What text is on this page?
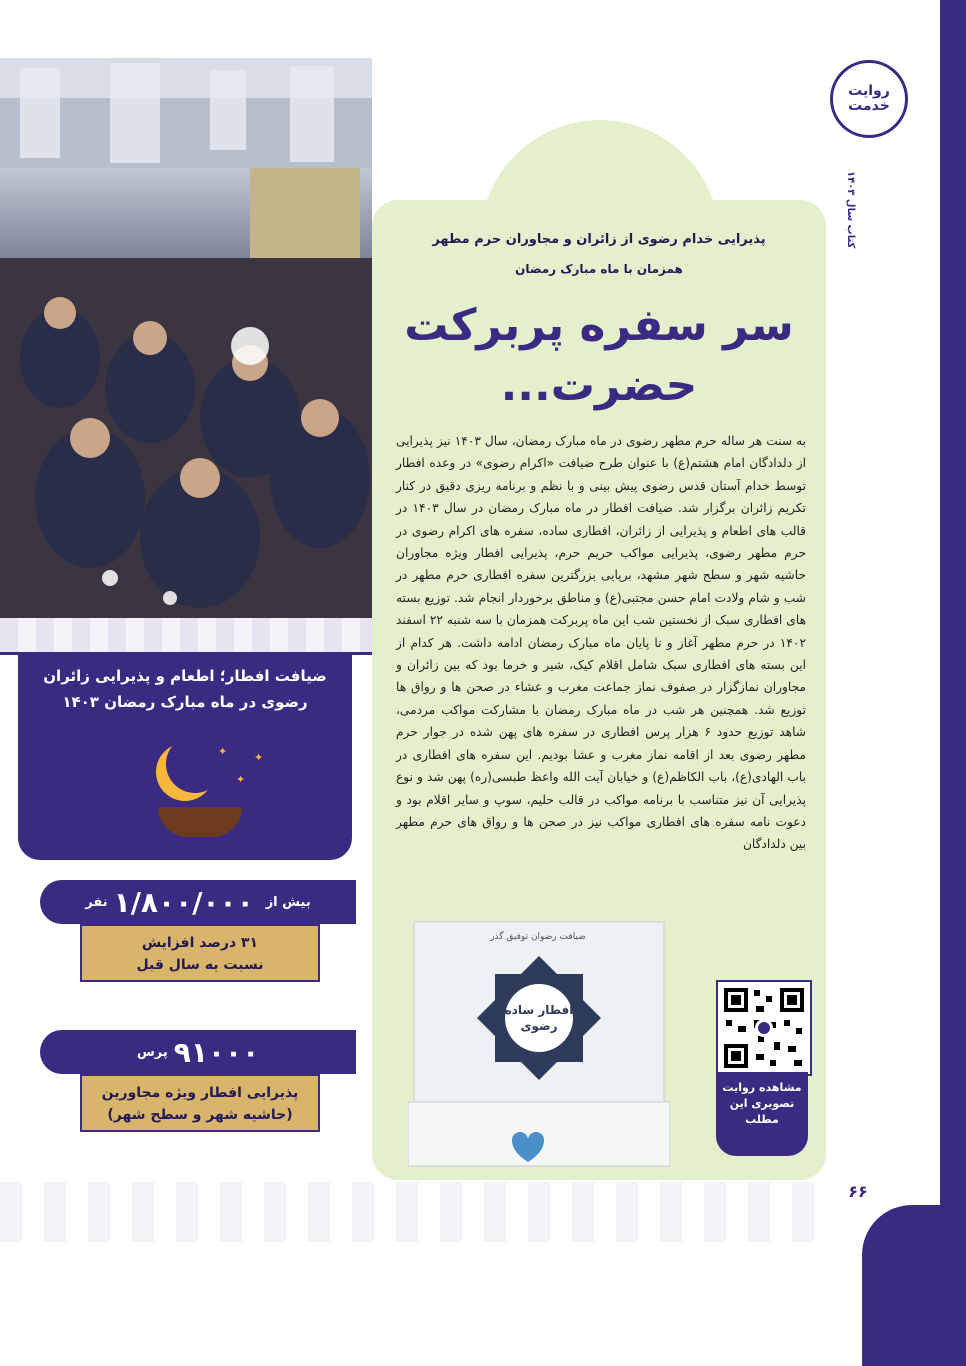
روایت خدمت
کتاب سال ۱۴۰۳
ضیافت افطار؛ اطعام و پذیرایی زائران رضوی در ماه مبارک رمضان ۱۴۰۳
✦
✦
✦
بیش از
۱/۸۰۰/۰۰۰
نفر
۳۱ درصد افزایش
نسبت به سال قبل
۹۱۰۰۰
پرس
پذیرایی افطار ویژه مجاورین
(حاشیه شهر و سطح شهر)
پذیرایی خدام رضوی از زائران و مجاوران حرم مطهر
همزمان با ماه مبارک رمضان
سر سفره پربرکت حضرت...
به سنت هر ساله حرم مطهر رضوی در ماه مبارک رمضان، سال ۱۴۰۳ نیز پذیرایی از دلدادگان امام هشتم(ع) با عنوان طرح ضیافت «اکرام رضوی» در وعده افطار توسط خدام آستان قدس رضوی پیش بینی و با نظم و برنامه ریزی دقیق در کنار تکریم زائران برگزار شد. ضیافت افطار در ماه مبارک رمضان در سال ۱۴۰۳ در قالب های اطعام و پذیرایی از زائران، افطاری ساده، سفره های اکرام رضوی در حرم مطهر رضوی، پذیرایی مواکب حریم حرم، پذیرایی افطار ویژه مجاوران حاشیه شهر و سطح شهر مشهد، برپایی بزرگترین سفره افطاری حرم مطهر در شب و شام ولادت امام حسن مجتبی(ع) و مناطق برخوردار انجام شد. توزیع بسته های افطاری سبک از نخستین شب این ماه پربرکت همزمان با سه شنبه ۲۲ اسفند ۱۴۰۲ در حرم مطهر آغاز و تا پایان ماه مبارک رمضان ادامه داشت. هر کدام از این بسته های افطاری سبک شامل اقلام کیک، شیر و خرما بود که بین زائران و مجاوران نمازگزار در صفوف نماز جماعت مغرب و عشاء در صحن ها و رواق ها توزیع شد. همچنین هر شب در ماه مبارک رمضان با مشارکت مواکب مردمی، شاهد توزیع حدود ۶ هزار پرس افطاری در سفره های پهن شده در جوار حرم مطهر رضوی بعد از اقامه نماز مغرب و عشا بودیم. این سفره های افطاری در باب الهادی(ع)، باب الکاظم(ع) و خیابان آیت الله واعظ طبسی(ره) پهن شد و نوع پذیرایی آن نیز متناسب با برنامه مواکب در قالب حلیم، سوپ و سایر اقلام بود و دعوت نامه سفره های افطاری مواکب نیز در صحن ها و رواق های حرم مطهر بین دلدادگان
افطار ساده رضوی
ضیافت رضوان توفیق گذر
مشاهده روایت تصویری این مطلب
۶۶
